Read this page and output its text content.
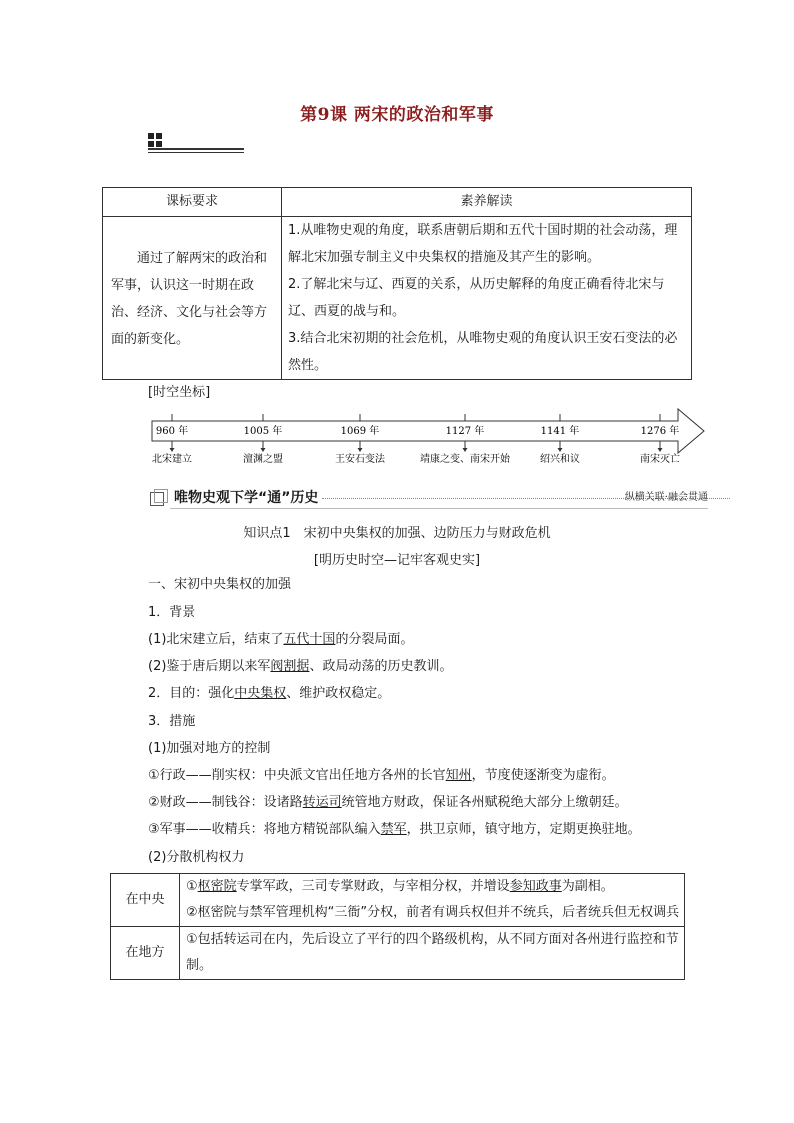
第9课 两宋的政治和军事
课标要求	素养解读
通过了解两宋的政治和军事，认识这一时期在政治、经济、文化与社会等方面的新变化。	1.从唯物史观的角度，联系唐朝后期和五代十国时期的社会动荡，理解北宋加强专制主义中央集权的措施及其产生的影响。
2.了解北宋与辽、西夏的关系，从历史解释的角度正确看待北宋与辽、西夏的战与和。
3.结合北宋初期的社会危机，从唯物史观的角度认识王安石变法的必然性。
[时空坐标]
960 年
北宋建立
1005 年
澶渊之盟
1069 年
王安石变法
1127 年
靖康之变、南宋开始
1141 年
绍兴和议
1276 年
南宋灭亡
唯物史观下学“通”历史	纵横关联·融会贯通
知识点1　宋初中央集权的加强、边防压力与财政危机
[明历史时空—记牢客观史实]
一、宋初中央集权的加强
1．背景
(1)北宋建立后，结束了五代十国的分裂局面。
(2)鉴于唐后期以来军阀割据、政局动荡的历史教训。
2．目的：强化中央集权、维护政权稳定。
3．措施
(1)加强对地方的控制
①行政——削实权：中央派文官出任地方各州的长官知州，节度使逐渐变为虚衔。
②财政——制钱谷：设诸路转运司统管地方财政，保证各州赋税绝大部分上缴朝廷。
③军事——收精兵：将地方精锐部队编入禁军，拱卫京师，镇守地方，定期更换驻地。
(2)分散机构权力
在中央	①枢密院专掌军政，三司专掌财政，与宰相分权，并增设参知政事为副相。
②枢密院与禁军管理机构“三衙”分权，前者有调兵权但并不统兵，后者统兵但无权调兵

在地方	①包括转运司在内，先后设立了平行的四个路级机构，从不同方面对各州进行监控和节制。
